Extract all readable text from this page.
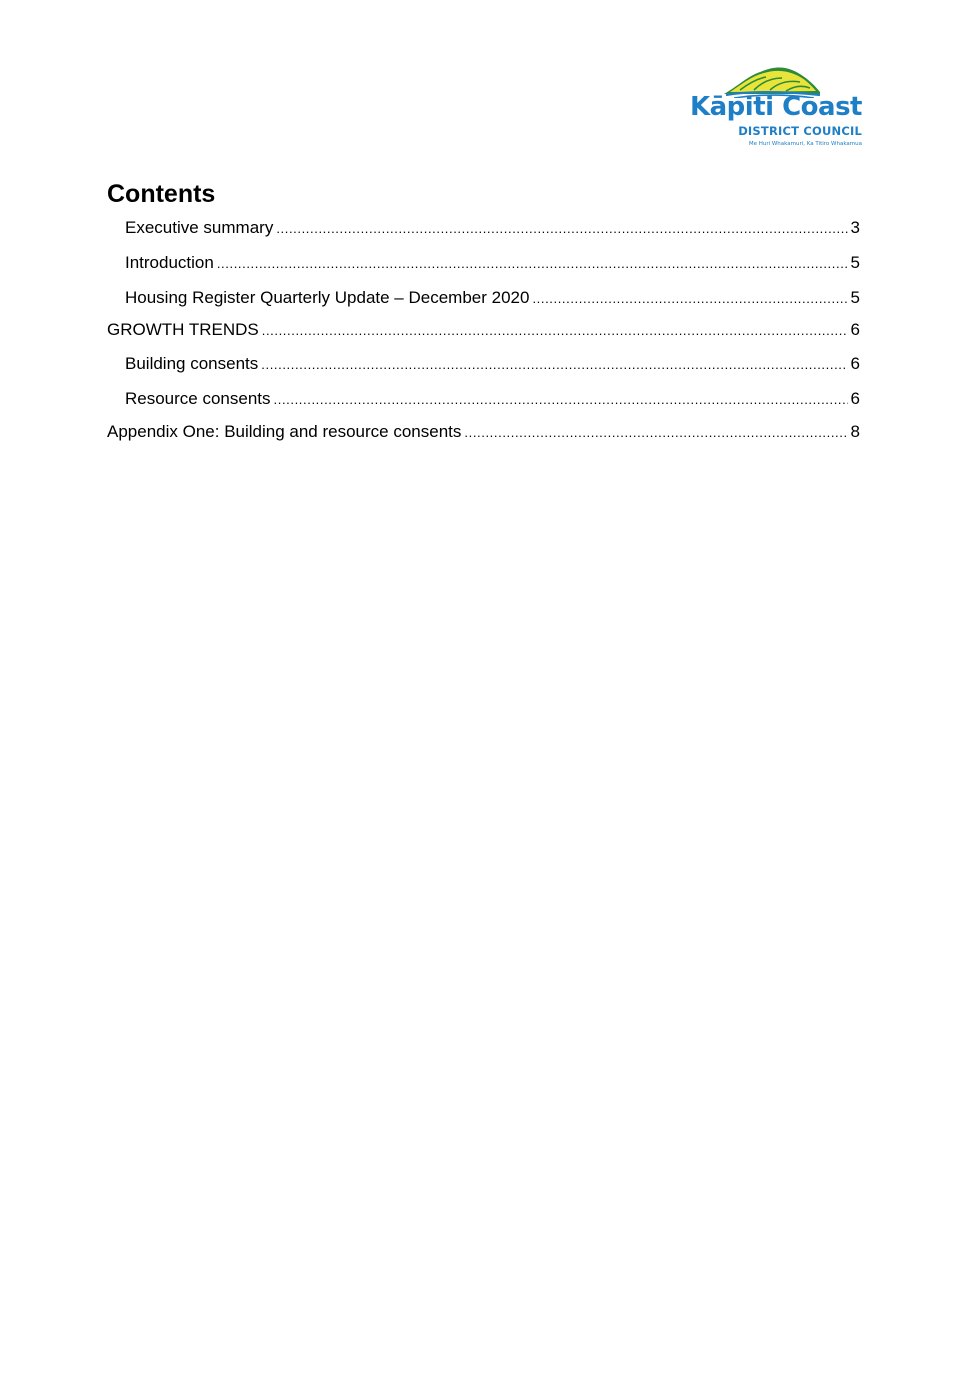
Kāpiti Coast
DISTRICT COUNCIL
Me Huri Whakamuri, Ka Titiro Whakamua
Contents
Executive summary .....	3
Introduction .....	5
Housing Register Quarterly Update – December 2020 .....	5
GROWTH TRENDS .....	6
Building consents .....	6
Resource consents .....	6
Appendix One: Building and resource consents .....	8
